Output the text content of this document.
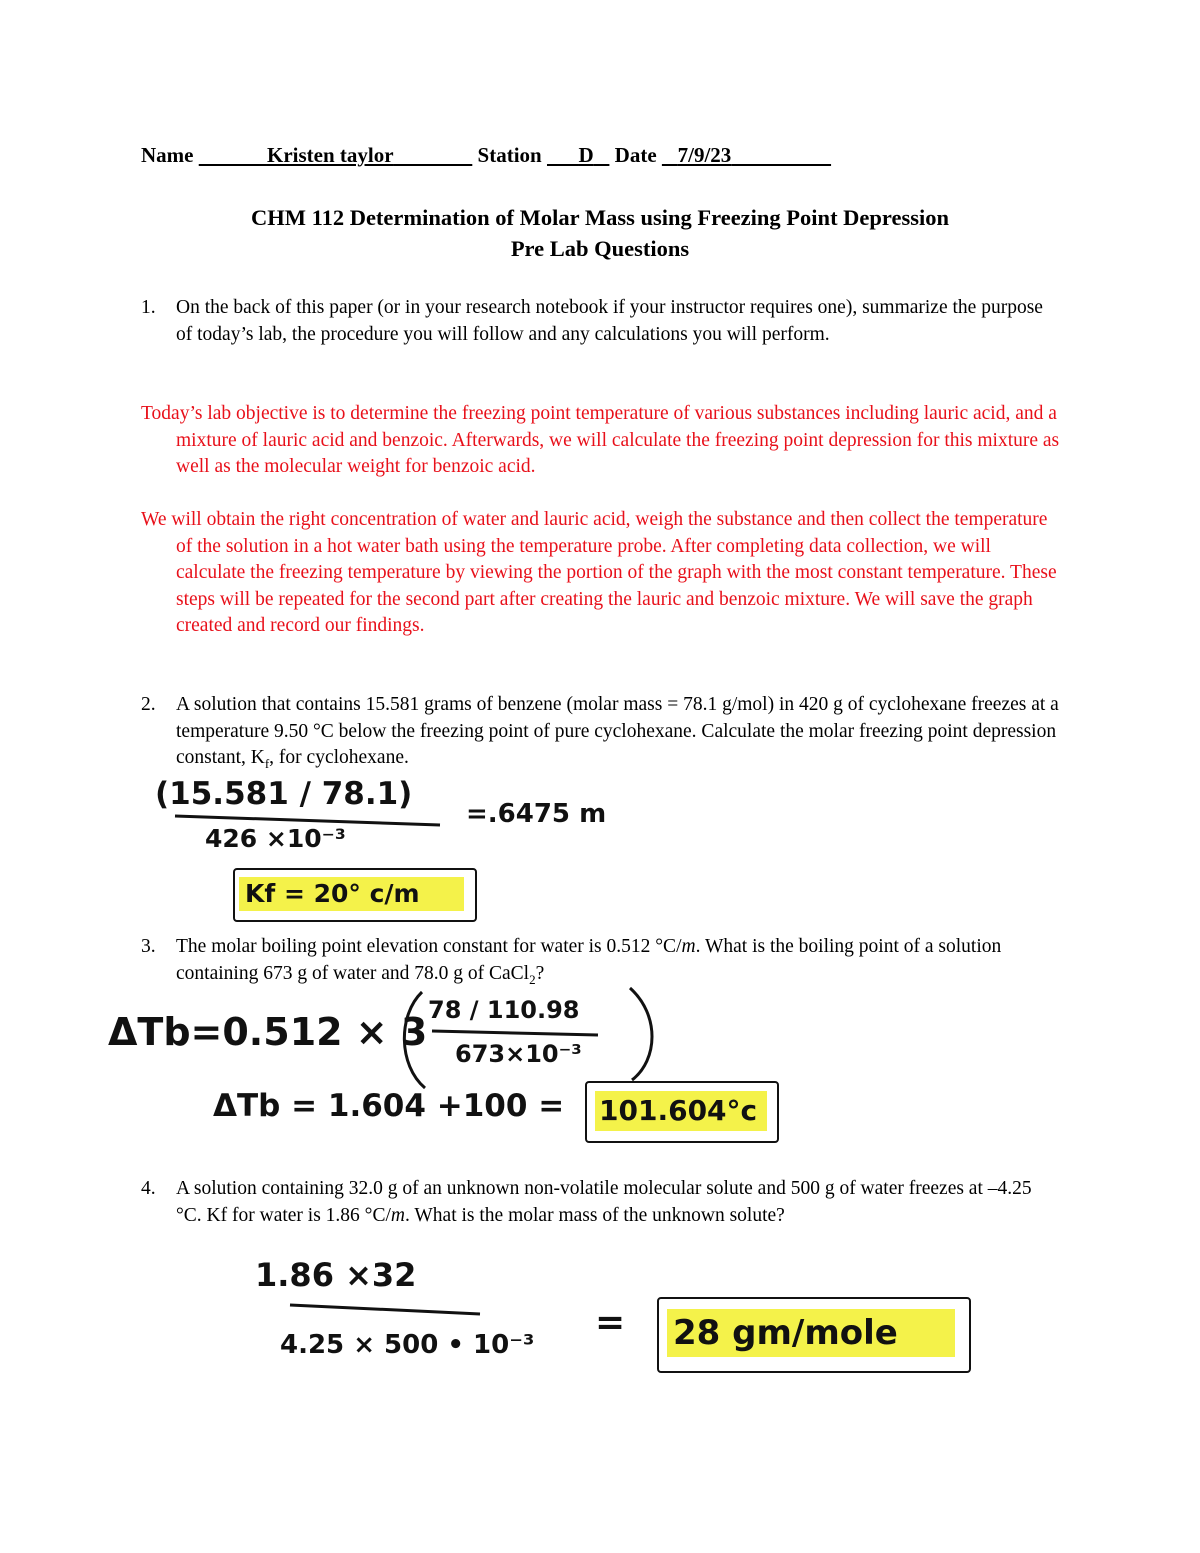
Name	Kristen taylor	Station D Date 7/9/23
CHM 112 Determination of Molar Mass using Freezing Point Depression
Pre Lab Questions
1. On the back of this paper (or in your research notebook if your instructor requires one), summarize the purpose of today’s lab, the procedure you will follow and any calculations you will perform.
Today’s lab objective is to determine the freezing point temperature of various substances including lauric acid, and a mixture of lauric acid and benzoic. Afterwards, we will calculate the freezing point depression for this mixture as well as the molecular weight for benzoic acid.
We will obtain the right concentration of water and lauric acid, weigh the substance and then collect the temperature of the solution in a hot water bath using the temperature probe. After completing data collection, we will calculate the freezing temperature by viewing the portion of the graph with the most constant temperature. These steps will be repeated for the second part after creating the lauric and benzoic mixture. We will save the graph created and record our findings.
2. A solution that contains 15.581 grams of benzene (molar mass = 78.1 g/mol) in 420 g of cyclohexane freezes at a temperature 9.50 °C below the freezing point of pure cyclohexane. Calculate the molar freezing point depression constant, $K_f$, for cyclohexane.
(15.581 / 78.1)
426 ×10⁻³
=.6475 m
Kf = 20° c/m
3. The molar boiling point elevation constant for water is 0.512 °C/m. What is the boiling point of a solution containing 673 g of water and 78.0 g of CaCl$_2$?
ΔTb=0.512 × 3 78 / 110.98
673×10⁻³
ΔTb = 1.604 +100 = 101.604°c
4. A solution containing 32.0 g of an unknown non-volatile molecular solute and 500 g of water freezes at –4.25 °C. Kf for water is 1.86 °C/m. What is the molar mass of the unknown solute?
1.86 ×32
4.25 × 500 • 10⁻³
= 28 gm/mole
